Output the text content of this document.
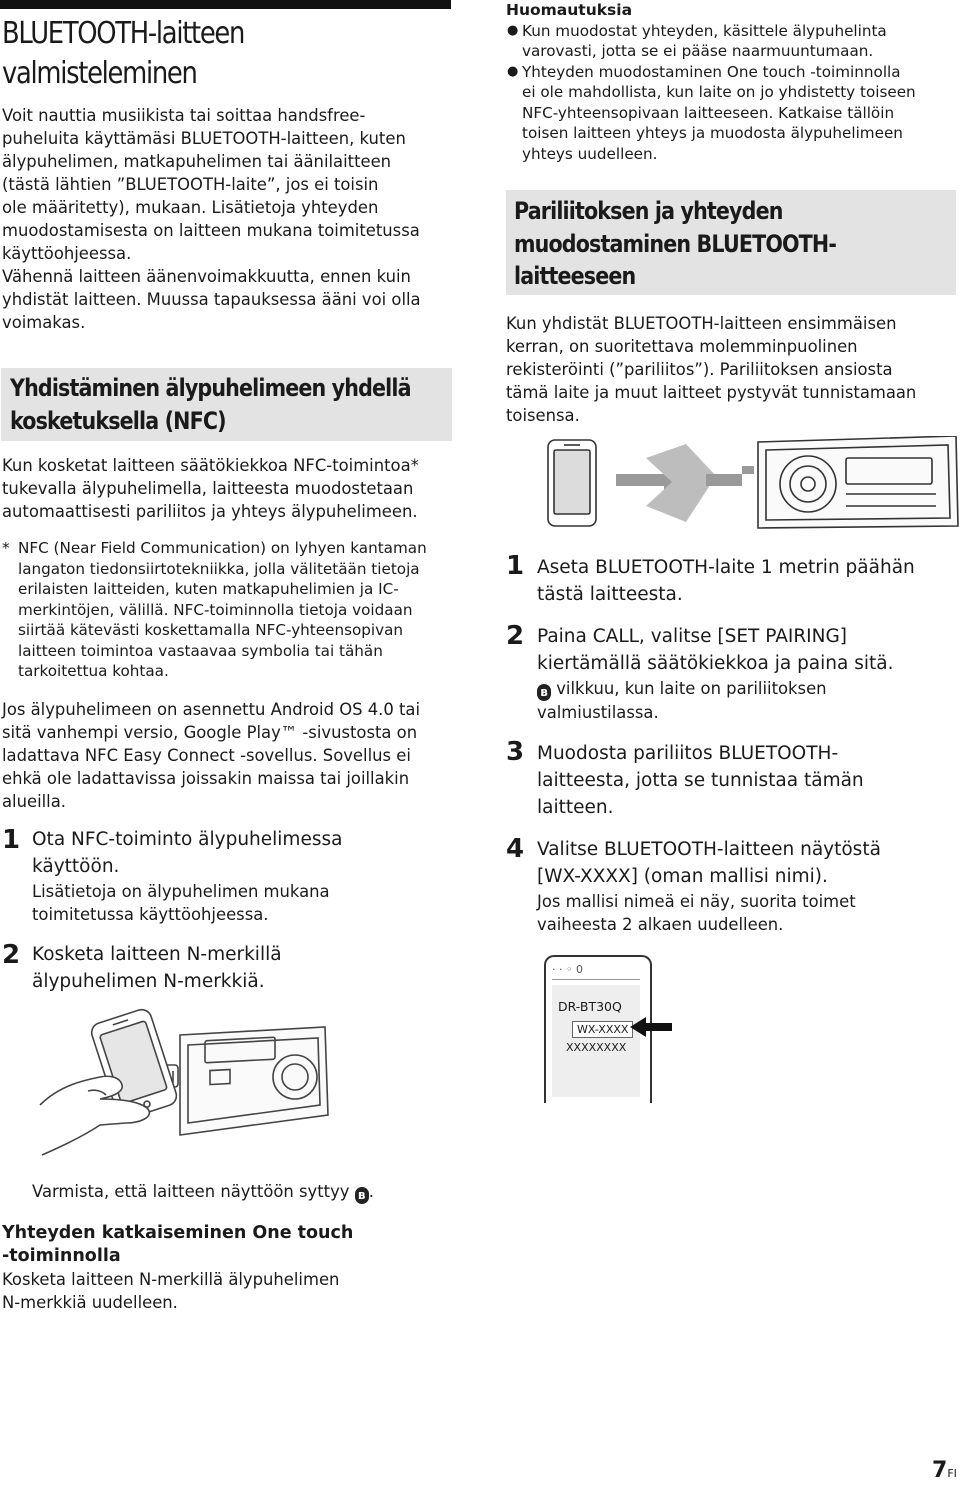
BLUETOOTH-laitteen
valmisteleminen

Voit nauttia musiikista tai soittaa handsfree-

puheluita käyttämäsi BLUETOOTH-laitteen, kuten

älypuhelimen, matkapuhelimen tai äänilaitteen

(tästä lähtien ”BLUETOOTH-laite”, jos ei toisin

ole määritetty), mukaan. Lisätietoja yhteyden

muodostamisesta on laitteen mukana toimitetussa

käyttöohjeessa.

Vähennä laitteen äänenvoimakkuutta, ennen kuin

yhdistät laitteen. Muussa tapauksessa ääni voi olla

voimakas.

Yhdistäminen älypuhelimeen yhdellä
kosketuksella (NFC)

Kun kosketat laitteen säätökiekkoa NFC-toimintoa*

tukevalla älypuhelimella, laitteesta muodostetaan

automaattisesti pariliitos ja yhteys älypuhelimeen.

* NFC (Near Field Communication) on lyhyen kantaman

langaton tiedonsiirtotekniikka, jolla välitetään tietoja

erilaisten laitteiden, kuten matkapuhelimien ja IC-

merkintöjen, välillä. NFC-toiminnolla tietoja voidaan

siirtää kätevästi koskettamalla NFC-yhteensopivan

laitteen toimintoa vastaavaa symbolia tai tähän

tarkoitettua kohtaa.

Jos älypuhelimeen on asennettu Android OS 4.0 tai

sitä vanhempi versio, Google Play™ -sivustosta on

ladattava NFC Easy Connect -sovellus. Sovellus ei

ehkä ole ladattavissa joissakin maissa tai joillakin

alueilla.

1 Ota NFC-toiminto älypuhelimessa

käyttöön.

Lisätietoja on älypuhelimen mukana

toimitetussa käyttöohjeessa.

2 Kosketa laitteen N-merkillä

älypuhelimen N-merkkiä.

Varmista, että laitteen näyttöön syttyy ʙ .

Yhteyden katkaiseminen One touch

-toiminnolla

Kosketa laitteen N-merkillä älypuhelimen

N-merkkiä uudelleen.

Huomautuksia

● Kun muodostat yhteyden, käsittele älypuhelinta

varovasti, jotta se ei pääse naarmuuntumaan.

● Yhteyden muodostaminen One touch -toiminnolla

ei ole mahdollista, kun laite on jo yhdistetty toiseen

NFC-yhteensopivaan laitteeseen. Katkaise tällöin

toisen laitteen yhteys ja muodosta älypuhelimeen

yhteys uudelleen.

Pariliitoksen ja yhteyden
muodostaminen BLUETOOTH-
laitteeseen

Kun yhdistät BLUETOOTH-laitteen ensimmäisen

kerran, on suoritettava molemminpuolinen

rekisteröinti (”pariliitos”). Pariliitoksen ansiosta

tämä laite ja muut laitteet pystyvät tunnistamaan

toisensa.

1 Aseta BLUETOOTH-laite 1 metrin päähän

tästä laitteesta.

2 Paina CALL, valitse [SET PAIRING]

kiertämällä säätökiekkoa ja paina sitä.

ʙ vilkkuu, kun laite on pariliitoksen

valmiustilassa.

3 Muodosta pariliitos BLUETOOTH-

laitteesta, jotta se tunnistaa tämän

laitteen.

4 Valitse BLUETOOTH-laitteen näytöstä

[WX-XXXX] (oman mallisi nimi).

Jos mallisi nimeä ei näy, suorita toimet

vaiheesta 2 alkaen uudelleen.

· · ◦ 0
DR-BT30Q
WX-XXXX
XXXXXXXX
7FI
